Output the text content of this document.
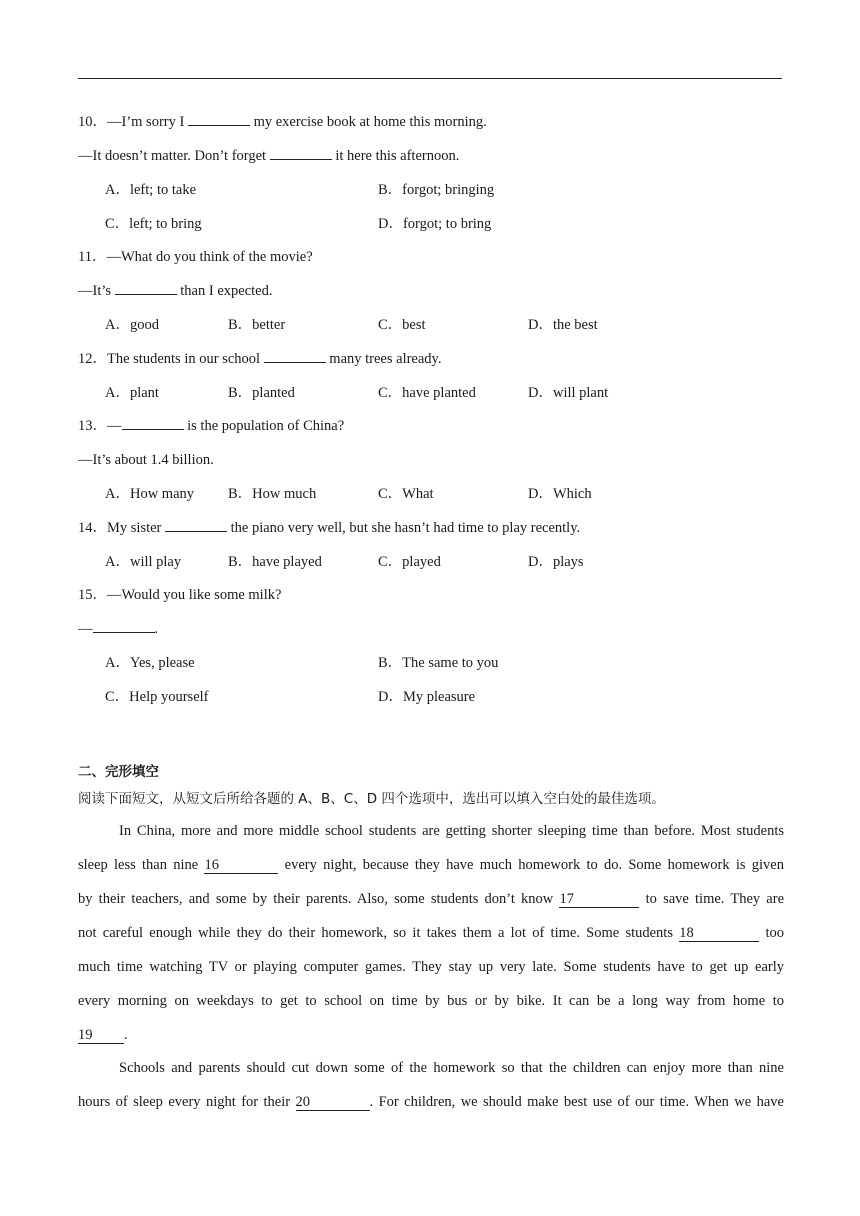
10．—I’m sorry I	my exercise book at home this morning.
—It doesn’t matter. Don’t forget	it here this afternoon.
A．left; to take	B．forgot; bringing
C．left; to bring	D．forgot; to bring
11．—What do you think of the movie?
—It’s	than I expected.
A．good	B．better	C．best	D．the best
12．The students in our school	many trees already.
A．plant	B．planted	C．have planted	D．will plant
13．—	is the population of China?
—It’s about 1.4 billion.
A．How many B．How much	C．What	D．Which
14．My sister	the piano very well, but she hasn’t had time to play recently.
A．will play	B．have played	C．played	D．plays
15．—Would you like some milk?
—	.
A．Yes, please	B．The same to you
C．Help yourself	D．My pleasure
二、完形填空
阅读下面短文，从短文后所给各题的 A、B、C、D 四个选项中，选出可以填入空白处的最佳选项。
In China, more and more middle school students are getting shorter sleeping time than before. Most students
sleep less than nine 16	every night, because they have much homework to do. Some homework is given
by their teachers, and some by their parents. Also, some students don’t know 17	to save time. They are
not careful enough while they do their homework, so it takes them a lot of time. Some students 18	too
much time watching TV or playing computer games. They stay up very late. Some students have to get up early
every morning on weekdays to get to school on time by bus or by bike. It can be a long way from home to
19 .
Schools and parents should cut down some of the homework so that the children can enjoy more than nine
hours of sleep every night for their 20	. For children, we should make best use of our time. When we have
